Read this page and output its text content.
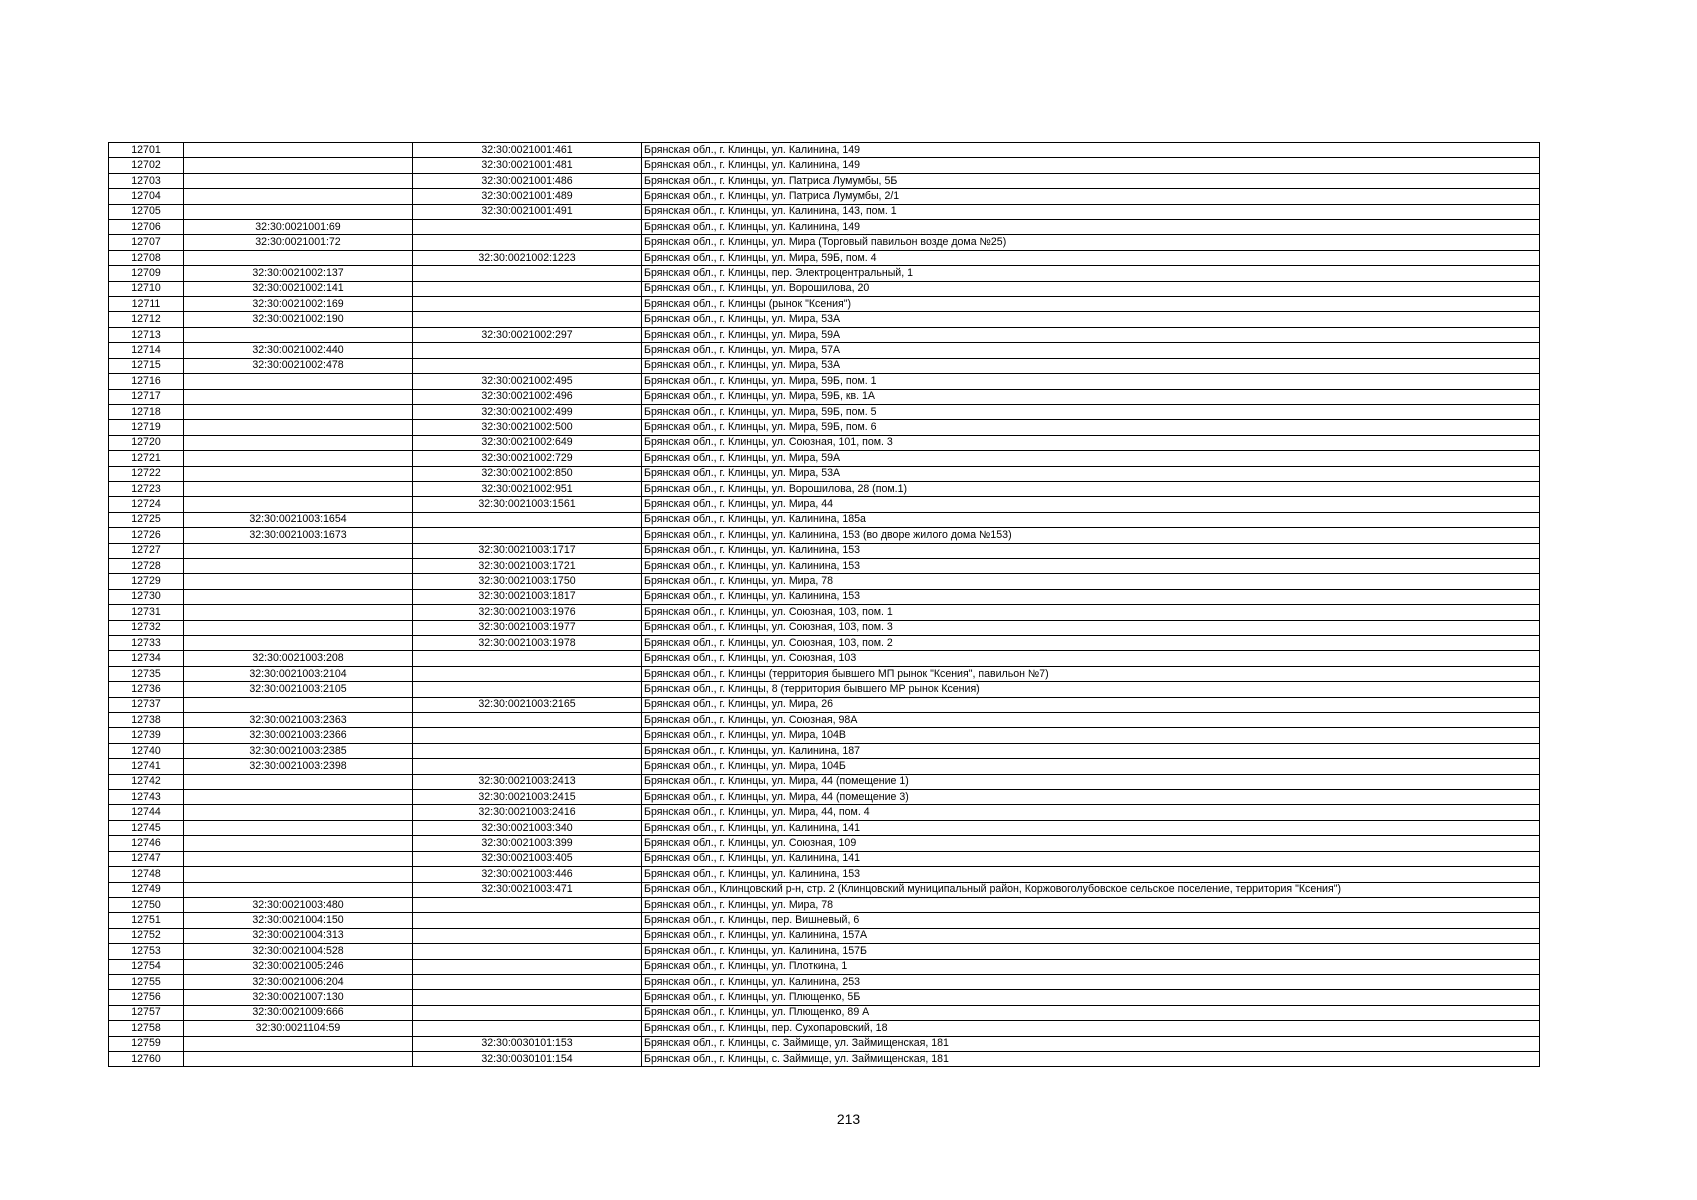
12701		32:30:0021001:461	Брянская обл., г. Клинцы, ул. Калинина, 149
12702		32:30:0021001:481	Брянская обл., г. Клинцы, ул. Калинина, 149
12703		32:30:0021001:486	Брянская обл., г. Клинцы, ул. Патриса Лумумбы, 5Б
12704		32:30:0021001:489	Брянская обл., г. Клинцы, ул. Патриса Лумумбы, 2/1
12705		32:30:0021001:491	Брянская обл., г. Клинцы, ул. Калинина, 143, пом. 1
12706	32:30:0021001:69		Брянская обл., г. Клинцы, ул. Калинина, 149
12707	32:30:0021001:72		Брянская обл., г. Клинцы, ул. Мира (Торговый павильон возде дома №25)
12708		32:30:0021002:1223	Брянская обл., г. Клинцы, ул. Мира, 59Б, пом. 4
12709	32:30:0021002:137		Брянская обл., г. Клинцы, пер. Электроцентральный, 1
12710	32:30:0021002:141		Брянская обл., г. Клинцы, ул. Ворошилова, 20
12711	32:30:0021002:169		Брянская обл., г. Клинцы (рынок "Ксения")
12712	32:30:0021002:190		Брянская обл., г. Клинцы, ул. Мира, 53А
12713		32:30:0021002:297	Брянская обл., г. Клинцы, ул. Мира, 59А
12714	32:30:0021002:440		Брянская обл., г. Клинцы, ул. Мира, 57А
12715	32:30:0021002:478		Брянская обл., г. Клинцы, ул. Мира, 53А
12716		32:30:0021002:495	Брянская обл., г. Клинцы, ул. Мира, 59Б, пом. 1
12717		32:30:0021002:496	Брянская обл., г. Клинцы, ул. Мира, 59Б, кв. 1А
12718		32:30:0021002:499	Брянская обл., г. Клинцы, ул. Мира, 59Б, пом. 5
12719		32:30:0021002:500	Брянская обл., г. Клинцы, ул. Мира, 59Б, пом. 6
12720		32:30:0021002:649	Брянская обл., г. Клинцы, ул. Союзная, 101, пом. 3
12721		32:30:0021002:729	Брянская обл., г. Клинцы, ул. Мира, 59А
12722		32:30:0021002:850	Брянская обл., г. Клинцы, ул. Мира, 53А
12723		32:30:0021002:951	Брянская обл., г. Клинцы, ул. Ворошилова, 28 (пом.1)
12724		32:30:0021003:1561	Брянская обл., г. Клинцы, ул. Мира, 44
12725	32:30:0021003:1654		Брянская обл., г. Клинцы, ул. Калинина, 185а
12726	32:30:0021003:1673		Брянская обл., г. Клинцы, ул. Калинина, 153 (во дворе жилого дома №153)
12727		32:30:0021003:1717	Брянская обл., г. Клинцы, ул. Калинина, 153
12728		32:30:0021003:1721	Брянская обл., г. Клинцы, ул. Калинина, 153
12729		32:30:0021003:1750	Брянская обл., г. Клинцы, ул. Мира, 78
12730		32:30:0021003:1817	Брянская обл., г. Клинцы, ул. Калинина, 153
12731		32:30:0021003:1976	Брянская обл., г. Клинцы, ул. Союзная, 103, пом. 1
12732		32:30:0021003:1977	Брянская обл., г. Клинцы, ул. Союзная, 103, пом. 3
12733		32:30:0021003:1978	Брянская обл., г. Клинцы, ул. Союзная, 103, пом. 2
12734	32:30:0021003:208		Брянская обл., г. Клинцы, ул. Союзная, 103
12735	32:30:0021003:2104		Брянская обл., г. Клинцы (территория бывшего МП рынок "Ксения", павильон №7)
12736	32:30:0021003:2105		Брянская обл., г. Клинцы, 8 (территория бывшего МР рынок Ксения)
12737		32:30:0021003:2165	Брянская обл., г. Клинцы, ул. Мира, 26
12738	32:30:0021003:2363		Брянская обл., г. Клинцы, ул. Союзная, 98А
12739	32:30:0021003:2366		Брянская обл., г. Клинцы, ул. Мира, 104В
12740	32:30:0021003:2385		Брянская обл., г. Клинцы, ул. Калинина, 187
12741	32:30:0021003:2398		Брянская обл., г. Клинцы, ул. Мира, 104Б
12742		32:30:0021003:2413	Брянская обл., г. Клинцы, ул. Мира, 44 (помещение 1)
12743		32:30:0021003:2415	Брянская обл., г. Клинцы, ул. Мира, 44 (помещение 3)
12744		32:30:0021003:2416	Брянская обл., г. Клинцы, ул. Мира, 44, пом. 4
12745		32:30:0021003:340	Брянская обл., г. Клинцы, ул. Калинина, 141
12746		32:30:0021003:399	Брянская обл., г. Клинцы, ул. Союзная, 109
12747		32:30:0021003:405	Брянская обл., г. Клинцы, ул. Калинина, 141
12748		32:30:0021003:446	Брянская обл., г. Клинцы, ул. Калинина, 153
12749		32:30:0021003:471	Брянская обл., Клинцовский р-н, стр. 2 (Клинцовский муниципальный район, Коржовоголубовское сельское поселение, территория "Ксения")
12750	32:30:0021003:480		Брянская обл., г. Клинцы, ул. Мира, 78
12751	32:30:0021004:150		Брянская обл., г. Клинцы, пер. Вишневый, 6
12752	32:30:0021004:313		Брянская обл., г. Клинцы, ул. Калинина, 157А
12753	32:30:0021004:528		Брянская обл., г. Клинцы, ул. Калинина, 157Б
12754	32:30:0021005:246		Брянская обл., г. Клинцы, ул. Плоткина, 1
12755	32:30:0021006:204		Брянская обл., г. Клинцы, ул. Калинина, 253
12756	32:30:0021007:130		Брянская обл., г. Клинцы, ул. Плющенко, 5Б
12757	32:30:0021009:666		Брянская обл., г. Клинцы, ул. Плющенко, 89 А
12758	32:30:0021104:59		Брянская обл., г. Клинцы, пер. Сухопаровский, 18
12759		32:30:0030101:153	Брянская обл., г. Клинцы, с. Займище, ул. Займищенская, 181
12760		32:30:0030101:154	Брянская обл., г. Клинцы, с. Займище, ул. Займищенская, 181
213
